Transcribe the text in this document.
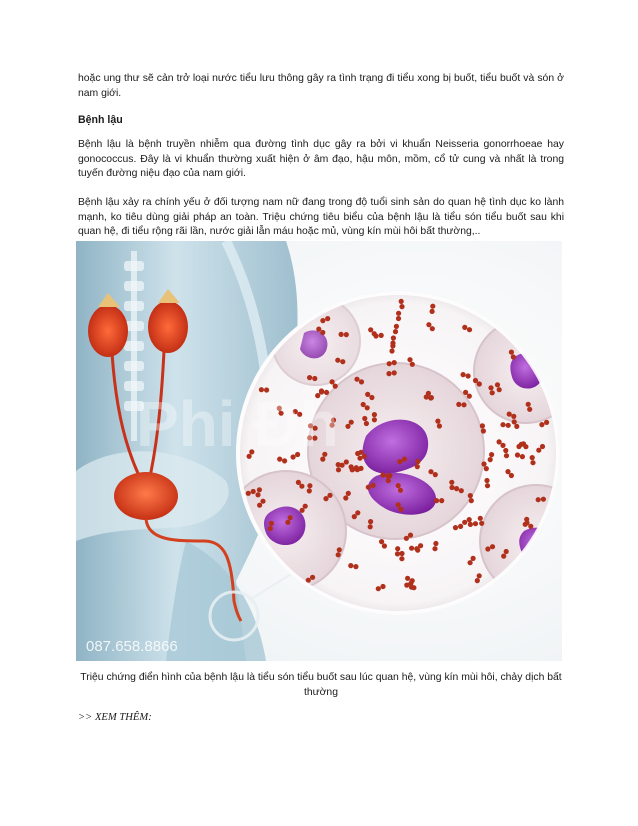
hoặc ung thư sẽ cản trở loại nước tiểu lưu thông gây ra tình trạng đi tiểu xong bị buốt, tiểu buốt và són ở nam giới.

Bệnh lậu

Bệnh lậu là bệnh truyền nhiễm qua đường tình dục gây ra bởi vi khuẩn Neisseria gonorrhoeae hay gonococcus. Đây là vi khuẩn thường xuất hiện ở âm đạo, hậu môn, mồm, cổ tử cung và nhất là trong tuyến đường niệu đạo của nam giới.

Bệnh lậu xảy ra chính yếu ở đối tượng nam nữ đang trong độ tuổi sinh sản do quan hệ tình dục ko lành mạnh, ko tiêu dùng giải pháp an toàn. Triệu chứng tiêu biểu của bệnh lậu là tiểu són tiểu buốt sau khi quan hệ, đi tiểu rộng rãi lần, nước giải lẫn máu hoặc mủ, vùng kín mùi hôi bất thường,..

Phi Đh
087.658.8866

Triệu chứng điển hình của bệnh lậu là tiểu són tiểu buốt sau lúc quan hệ, vùng kín mùi hôi, chảy dịch bất thường

>> XEM THÊM:
